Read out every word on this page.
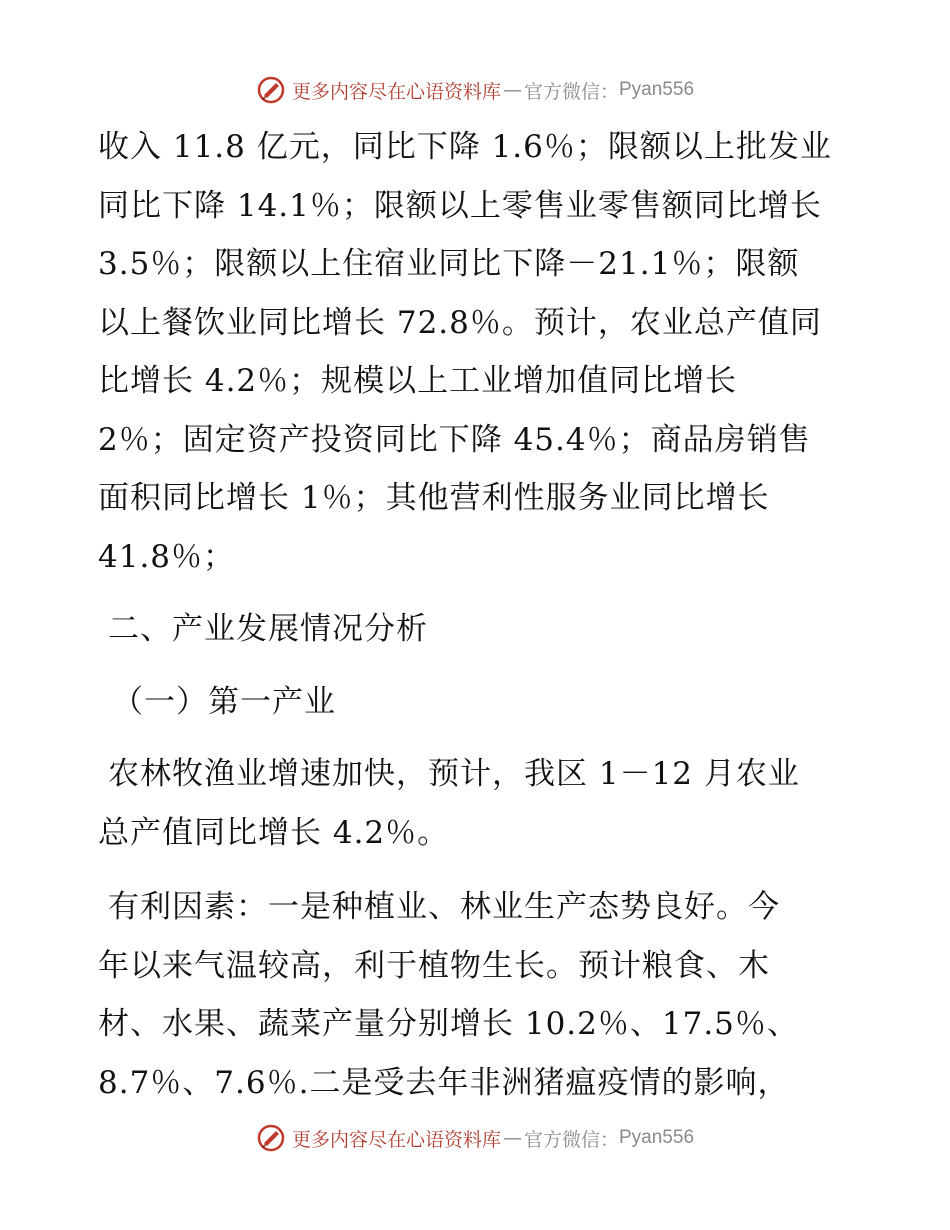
更多内容尽在心语资料库 — 官方微信： Pyan556

收入 11.8 亿元，同比下降 1.6％；限额以上批发业
同比下降 14.1％；限额以上零售业零售额同比增长
3.5％；限额以上住宿业同比下降－21.1％；限额
以上餐饮业同比增长 72.8％。预计，农业总产值同
比增长 4.2％；规模以上工业增加值同比增长
2％；固定资产投资同比下降 45.4％；商品房销售
面积同比增长 1％；其他营利性服务业同比增长
41.8％；

二、产业发展情况分析

（一）第一产业

农林牧渔业增速加快，预计，我区 1－12 月农业
总产值同比增长 4.2％。

有利因素：一是种植业、林业生产态势良好。今
年以来气温较高，利于植物生长。预计粮食、木
材、水果、蔬菜产量分别增长 10.2％、17.5％、
8.7％、7.6％.二是受去年非洲猪瘟疫情的影响，

更多内容尽在心语资料库 — 官方微信： Pyan556
